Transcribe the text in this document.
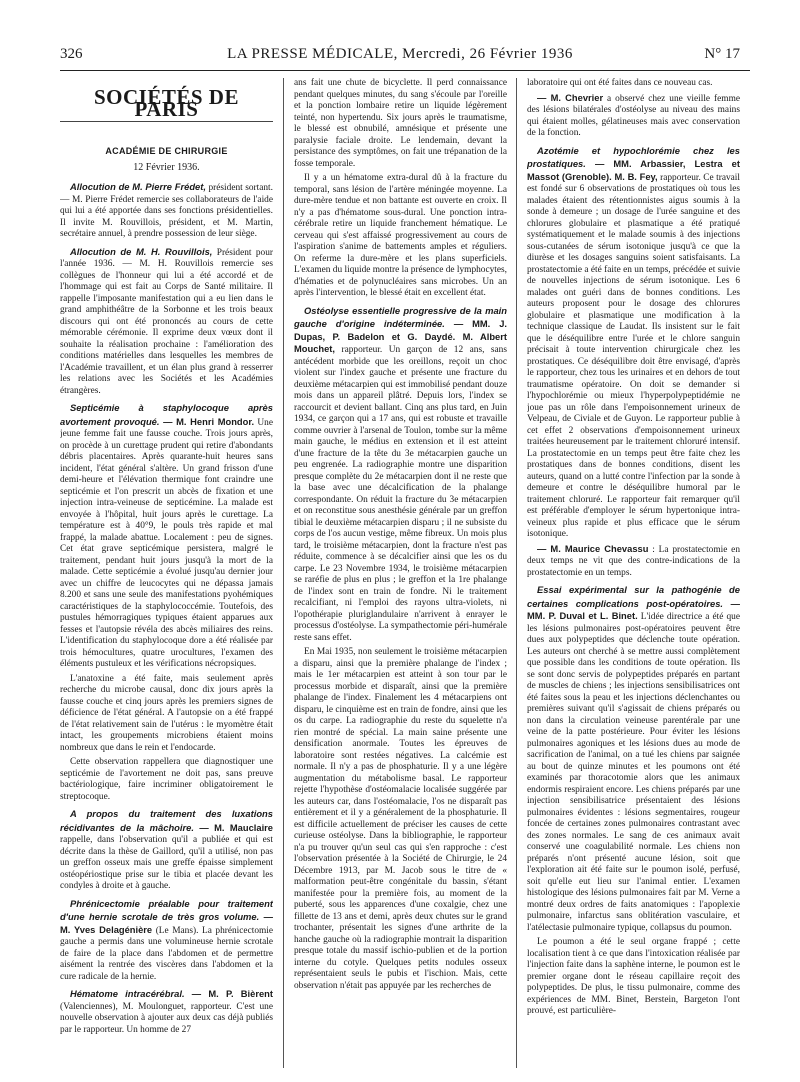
326	LA PRESSE MÉDICALE, Mercredi, 26 Février 1936	N° 17
SOCIÉTÉS DE PARIS
ACADÉMIE DE CHIRURGIE
12 Février 1936.

Allocution de M. Pierre Frédet, président sortant. — M. Pierre Frédet remercie ses collaborateurs de l'aide qui lui a été apportée dans ses fonctions présidentielles. Il invite M. Rouvillois, président, et M. Martin, secrétaire annuel, à prendre possession de leur siège.

Allocution de M. H. Rouvillois, Président pour l'année 1936. — M. H. Rouvillois remercie ses collègues de l'honneur qui lui a été accordé et de l'hommage qui est fait au Corps de Santé militaire. Il rappelle l'imposante manifestation qui a eu lien dans le grand amphithéâtre de la Sorbonne et les trois beaux discours qui ont été prononcés au cours de cette mémorable cérémonie. Il exprime deux vœux dont il souhaite la réalisation prochaine : l'amélioration des conditions matérielles dans lesquelles les membres de l'Académie travaillent, et un élan plus grand à resserrer les relations avec les Sociétés et les Académies étrangères.

Septicémie à staphylocoque après avortement provoqué. — M. Henri Mondor. Une jeune femme fait une fausse couche. Trois jours après, on procède à un curettage prudent qui retire d'abondants débris placentaires. Après quarante-huit heures sans incident, l'état général s'altère. Un grand frisson d'une demi-heure et l'élévation thermique font craindre une septicémie et l'on prescrit un abcès de fixation et une injection intra-veineuse de septicémine. La malade est envoyée à l'hôpital, huit jours après le curettage. La température est à 40°9, le pouls très rapide et mal frappé, la malade abattue. Localement : peu de signes. Cet état grave septicémique persistera, malgré le traitement, pendant huit jours jusqu'à la mort de la malade. Cette septicémie a évolué jusqu'au dernier jour avec un chiffre de leucocytes qui ne dépassa jamais 8.200 et sans une seule des manifestations pyohémiques caractéristiques de la staphylococcémie. Toutefois, des pustules hémorragiques typiques étaient apparues aux fesses et l'autopsie révéla des abcès miliaires des reins. L'identification du staphylocoque dore a été réalisée par trois hémocultures, quatre urocultures, l'examen des éléments pustuleux et les vérifications nécropsiques.

L'anatoxine a été faite, mais seulement après recherche du microbe causal, donc dix jours après la fausse couche et cinq jours après les premiers signes de déficience de l'état général. A l'autopsie on a été frappé de l'état relativement sain de l'utérus : le myomètre était intact, les groupements microbiens étaient moins nombreux que dans le rein et l'endocarde.

Cette observation rappellera que diagnostiquer une septicémie de l'avortement ne doit pas, sans preuve bactériologique, faire incriminer obligatoirement le streptocoque.

A propos du traitement des luxations récidivantes de la mâchoire. — M. Mauclaire rappelle, dans l'observation qu'il a publiée et qui est décrite dans la thèse de Gaillord, qu'il a utilisé, non pas un greffon osseux mais une greffe épaisse simplement ostéopériostique prise sur le tibia et placée devant les condyles à droite et à gauche.

Phrénicectomie préalable pour traitement d'une hernie scrotale de très gros volume. — M. Yves Delagénière (Le Mans). La phrénicectomie gauche a permis dans une volumineuse hernie scrotale de faire de la place dans l'abdomen et de permettre aisément la rentrée des viscères dans l'abdomen et la cure radicale de la hernie.

Hématome intracérébral. — M. P. Bièrent (Valenciennes), M. Moulonguet, rapporteur. C'est une nouvelle observation à ajouter aux deux cas déjà publiés par le rapporteur. Un homme de 27

ans fait une chute de bicyclette. Il perd connaissance pendant quelques minutes, du sang s'écoule par l'oreille et la ponction lombaire retire un liquide légèrement teinté, non hypertendu. Six jours après le traumatisme, le blessé est obnubilé, amnésique et présente une paralysie faciale droite. Le lendemain, devant la persistance des symptômes, on fait une trépanation de la fosse temporale.

Il y a un hématome extra-dural dû à la fracture du temporal, sans lésion de l'artère méningée moyenne. La dure-mère tendue et non battante est ouverte en croix. Il n'y a pas d'hématome sous-dural. Une ponction intra-cérébrale retire un liquide franchement hématique. Le cerveau qui s'est affaissé progressivement au cours de l'aspiration s'anime de battements amples et réguliers. On referme la dure-mère et les plans superficiels. L'examen du liquide montre la présence de lymphocytes, d'hématies et de polynucléaires sans microbes. Un an après l'intervention, le blessé était en excellent état.

Ostéolyse essentielle progressive de la main gauche d'origine indéterminée. — MM. J. Dupas, P. Badelon et G. Daydé. M. Albert Mouchet, rapporteur. Un garçon de 12 ans, sans antécédent morbide que les oreillons, reçoit un choc violent sur l'index gauche et présente une fracture du deuxième métacarpien qui est immobilisé pendant douze mois dans un appareil plâtré. Depuis lors, l'index se raccourcit et devient ballant. Cinq ans plus tard, en Juin 1934, ce garçon qui a 17 ans, qui est robuste et travaille comme ouvrier à l'arsenal de Toulon, tombe sur la même main gauche, le médius en extension et il est atteint d'une fracture de la tête du 3e métacarpien gauche un peu engrenée. La radiographie montre une disparition presque complète du 2e métacarpien dont il ne reste que la base avec une décalcification de la phalange correspondante. On réduit la fracture du 3e métacarpien et on reconstitue sous anesthésie générale par un greffon tibial le deuxième métacarpien disparu ; il ne subsiste du corps de l'os aucun vestige, même fibreux. Un mois plus tard, le troisième métacarpien, dont la fracture n'est pas réduite, commence à se décalcifier ainsi que les os du carpe. Le 23 Novembre 1934, le troisième métacarpien se raréfie de plus en plus ; le greffon et la 1re phalange de l'index sont en train de fondre. Ni le traitement recalcifiant, ni l'emploi des rayons ultra-violets, ni l'opothérapie pluriglandulaire n'arrivent à enrayer le processus d'ostéolyse. La sympathectomie péri-humérale reste sans effet.

En Mai 1935, non seulement le troisième métacarpien a disparu, ainsi que la première phalange de l'index ; mais le 1er métacarpien est atteint à son tour par le processus morbide et disparaît, ainsi que la première phalange de l'index. Finalement les 4 métacarpiens ont disparu, le cinquième est en train de fondre, ainsi que les os du carpe. La radiographie du reste du squelette n'a rien montré de spécial. La main saine présente une densification anormale. Toutes les épreuves de laboratoire sont restées négatives. La calcémie est normale. Il n'y a pas de phosphaturie. Il y a une légère augmentation du métabolisme basal. Le rapporteur rejette l'hypothèse d'ostéomalacie localisée suggérée par les auteurs car, dans l'ostéomalacie, l'os ne disparaît pas entièrement et il y a généralement de la phosphaturie. Il est difficile actuellement de préciser les causes de cette curieuse ostéolyse. Dans la bibliographie, le rapporteur n'a pu trouver qu'un seul cas qui s'en rapproche : c'est l'observation présentée à la Société de Chirurgie, le 24 Décembre 1913, par M. Jacob sous le titre de « malformation peut-être congénitale du bassin, s'étant manifestée pour la première fois, au moment de la puberté, sous les apparences d'une coxalgie, chez une fillette de 13 ans et demi, après deux chutes sur le grand trochanter, présentait les signes d'une arthrite de la hanche gauche où la radiographie montrait la disparition presque totale du massif ischio-publien et de la portion interne du cotyle. Quelques petits nodules osseux représentaient seuls le pubis et l'ischion. Mais, cette observation n'était pas appuyée par les recherches de

laboratoire qui ont été faites dans ce nouveau cas.

— M. Chevrier a observé chez une vieille femme des lésions bilatérales d'ostéolyse au niveau des mains qui étaient molles, gélatineuses mais avec conservation de la fonction.

Azotémie et hypochlorémie chez les prostatiques. — MM. Arbassier, Lestra et Massot (Grenoble). M. B. Fey, rapporteur. Ce travail est fondé sur 6 observations de prostatiques où tous les malades étaient des rétentionnistes aigus soumis à la sonde à demeure ; un dosage de l'urée sanguine et des chlorures globulaire et plasmatique a été pratiqué systématiquement et le malade soumis à des injections sous-cutanées de sérum isotonique jusqu'à ce que la diurèse et les dosages sanguins soient satisfaisants. La prostatectomie a été faite en un temps, précédée et suivie de nouvelles injections de sérum isotonique. Les 6 malades ont guéri dans de bonnes conditions. Les auteurs proposent pour le dosage des chlorures globulaire et plasmatique une modification à la technique classique de Laudat. Ils insistent sur le fait que le déséquilibre entre l'urée et le chlore sanguin précisait à toute intervention chirurgicale chez les prostatiques. Ce déséquilibre doit être envisagé, d'après le rapporteur, chez tous les urinaires et en dehors de tout traumatisme opératoire. On doit se demander si l'hypochlorémie ou mieux l'hyperpolypeptidémie ne joue pas un rôle dans l'empoisonnement urineux de Velpeau, de Civiale et de Guyon. Le rapporteur publie à cet effet 2 observations d'empoisonnement urineux traitées heureusement par le traitement chloruré intensif. La prostatectomie en un temps peut être faite chez les prostatiques dans de bonnes conditions, disent les auteurs, quand on a lutté contre l'infection par la sonde à demeure et contre le déséquilibre humoral par le traitement chloruré. Le rapporteur fait remarquer qu'il est préférable d'employer le sérum hypertonique intra-veineux plus rapide et plus efficace que le sérum isotonique.

— M. Maurice Chevassu : La prostatectomie en deux temps ne vit que des contre-indications de la prostatectomie en un temps.

Essai expérimental sur la pathogénie de certaines complications post-opératoires. — MM. P. Duval et L. Binet. L'idée directrice a été que les lésions pulmonaires post-opératoires peuvent être dues aux polypeptides que déclenche toute opération. Les auteurs ont cherché à se mettre aussi complètement que possible dans les conditions de toute opération. Ils se sont donc servis de polypeptides préparés en partant de muscles de chiens ; les injections sensibilisatrices ont été faites sous la peau et les injections déclenchantes ou premières suivant qu'il s'agissait de chiens préparés ou non dans la circulation veineuse parentérale par une veine de la patte postérieure. Pour éviter les lésions pulmonaires agoniques et les lésions dues au mode de sacrification de l'animal, on a tué les chiens par saignée au bout de quinze minutes et les poumons ont été examinés par thoracotomie alors que les animaux endormis respiraient encore. Les chiens préparés par une injection sensibilisatrice présentaient des lésions pulmonaires évidentes : lésions segmentaires, rougeur foncée de certaines zones pulmonaires contrastant avec des zones normales. Le sang de ces animaux avait conservé une coagulabilité normale. Les chiens non préparés n'ont présenté aucune lésion, soit que l'exploration ait été faite sur le poumon isolé, perfusé, soit qu'elle eut lieu sur l'animal entier. L'examen histologique des lésions pulmonaires fait par M. Verne a montré deux ordres de faits anatomiques : l'apoplexie pulmonaire, infarctus sans oblitération vasculaire, et l'atélectasie pulmonaire typique, collapsus du poumon.

Le poumon a été le seul organe frappé ; cette localisation tient à ce que dans l'intoxication réalisée par l'injection faite dans la saphène interne, le poumon est le premier organe dont le réseau capillaire reçoit des polypeptides. De plus, le tissu pulmonaire, comme des expériences de MM. Binet, Berstein, Bargeton l'ont prouvé, est particulière-
